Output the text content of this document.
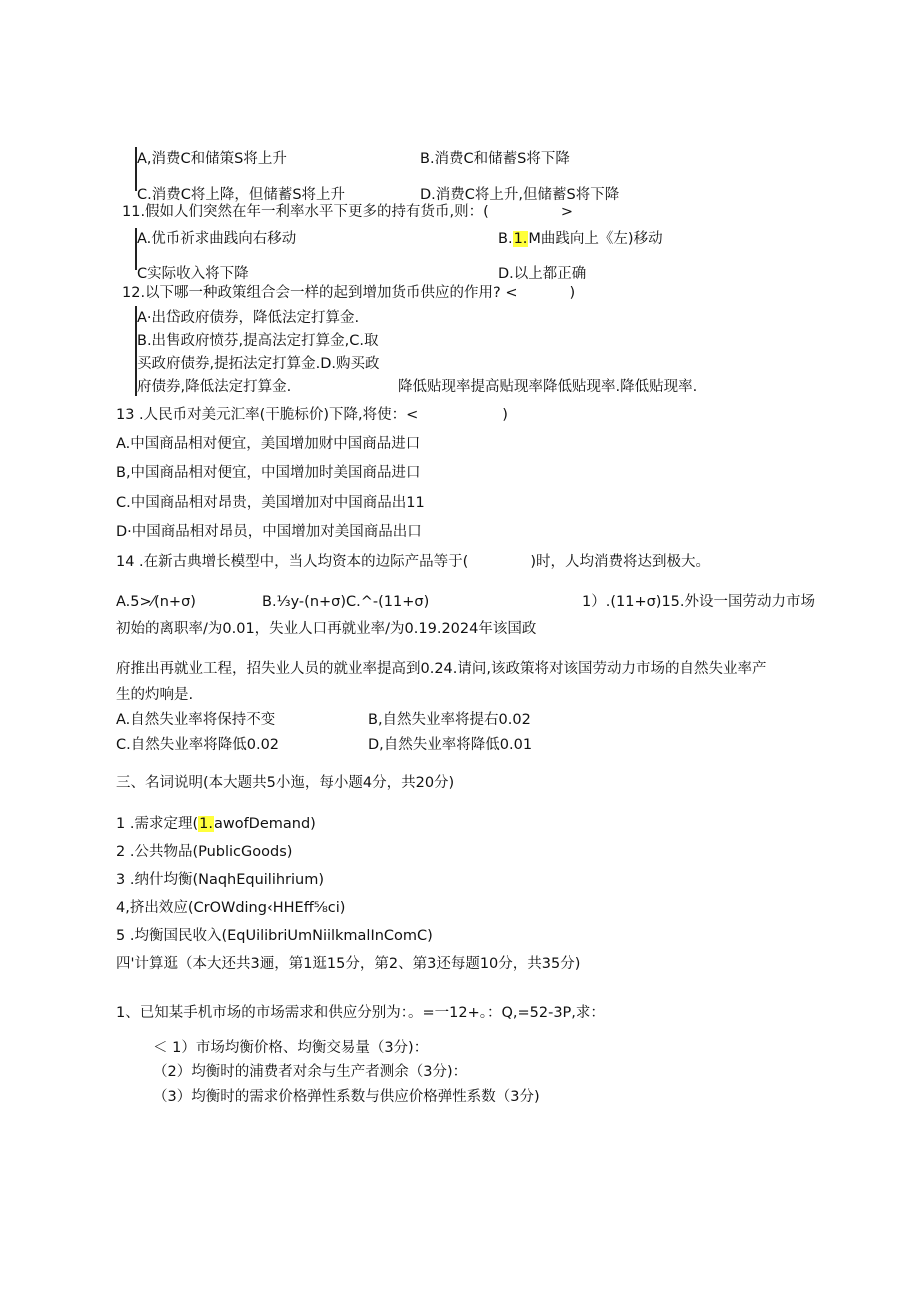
A,消费C和储策S将上升	B.消费C和储蓄S将下降
C.消费C将上降，但储蓄S将上升	D.消费C将上升,但储蓄S将下降
11.假如人们突然在年一利率水平下更多的持有货币,则：(	>
A.优币祈求曲践向右移动	B.1.M曲践向上《左)移动
C实际收入将下降	D.以上都正确
12.以下哪一种政策组合会一样的起到增加货币供应的作用? <	)
A·出岱政府债券，降低法定打算金.
B.出售政府愤芬,提高法定打算金,C.取
买政府债券,提拓法定打算金.D.购买政
府债券,降低法定打算金.	降低贴现率提高贴现率降低贴现率.降低贴现率.
13 .人民币对美元汇率(干脆标价)下降,将使：<	)
A.中国商品相对便宜，美国增加财中国商品进口
B,中国商品相对便宜，中国增加时美国商品进口
C.中国商品相对昂贵，美国增加对中国商品出11
D·中国商品相对昂员，中国增加对美国商品出口
14 .在新古典增长模型中，当人均资本的边际产品等于(	)时，人均消费将达到极大。
A.5>⁄(n+σ)	B.⅓y-(n+σ)C.^-(11+σ)	1）.(11+σ)15.外设一国劳动力市场
初始的离职率/为0.01，失业人口再就业率/为0.19.2024年该国政
府推出再就业工程，招失业人员的就业率提高到0.24.请问,该政策将对该国劳动力市场的自然失业率产
生的灼响是.
A.自然失业率将保持不变	B,自然失业率将提右0.02
C.自然失业率将降低0.02	D,自然失业率将降低0.01
三、名词说明(本大题共5小迤，每小题4分，共20分)
1 .需求定理(1.awofDemand)
2 .公共物品(PublicGoods)
3 .纳什均衡(NaqhEquilihrium)
4,挤出效应(CrOWding‹HHEff⅝ci)
5 .均衡国民收入(EqUilibriUmNiilkmalInComC)
四'计算逛（本大还共3逦，第1逛15分，第2、第3还每题10分，共35分)
1、已知某手机市场的市场需求和供应分别为：。=一12+。：Q,=52-3P,求：
＜ 1）市场均衡价格、均衡交易量（3分)：
（2）均衡时的浦费者对余与生产者测余（3分)：
（3）均衡时的需求价格弹性系数与供应价格弹性系数（3分)
